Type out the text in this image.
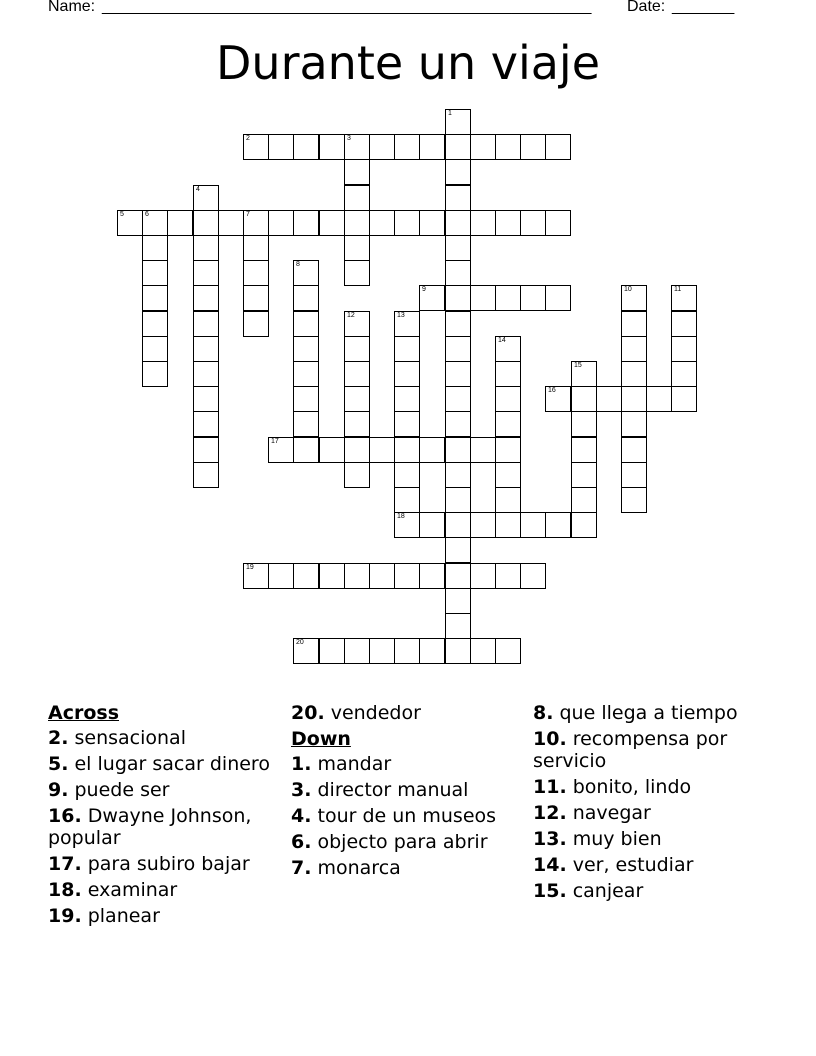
Name: _______________________________________________________ Date: _______
Durante un viaje
1
2	3
4
5	6	7
8
9	10	11
12	13
18
14
15
16
17
19
20
Across
2. sensacional
5. el lugar sacar dinero
9. puede ser
16. Dwayne Johnson, popular
17. para subiro bajar
18. examinar
19. planear
20. vendedor
Down
1. mandar
3. director manual
4. tour de un museos
6. objecto para abrir
7. monarca
8. que llega a tiempo
10. recompensa por servicio
11. bonito, lindo
12. navegar
13. muy bien
14. ver, estudiar
15. canjear
